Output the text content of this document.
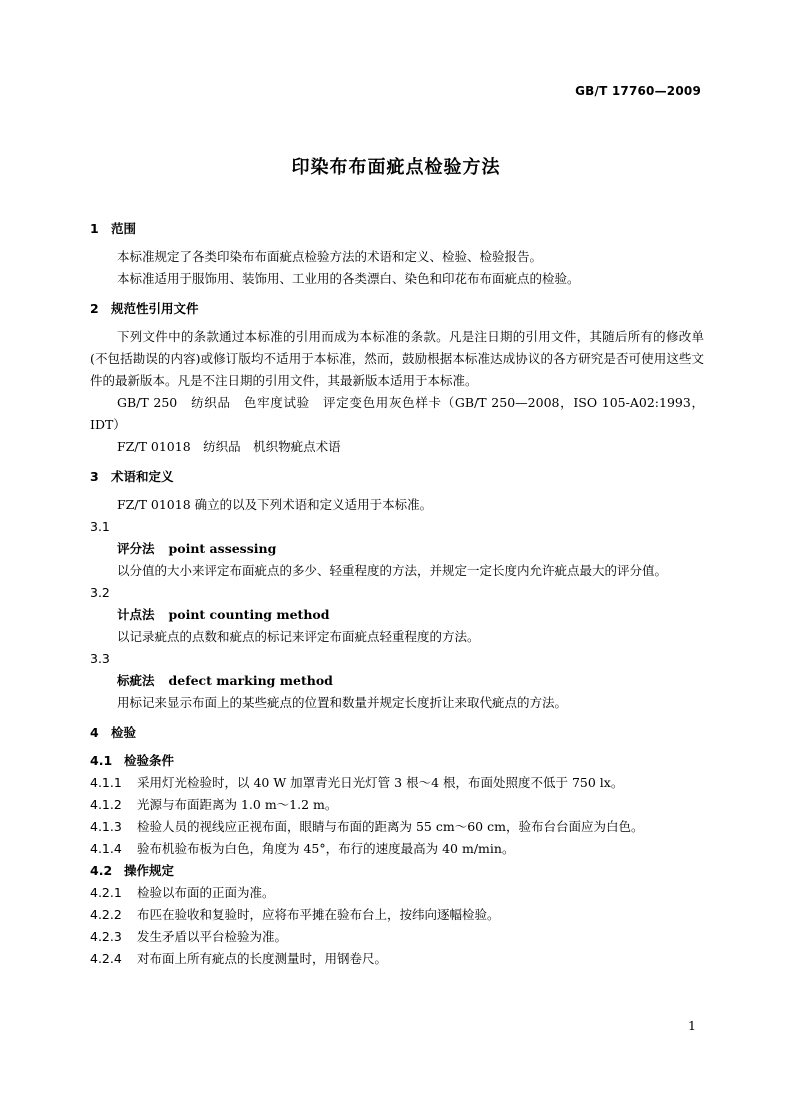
GB/T 17760—2009
印染布布面疵点检验方法
1 范围

本标准规定了各类印染布布面疵点检验方法的术语和定义、检验、检验报告。

本标准适用于服饰用、装饰用、工业用的各类漂白、染色和印花布布面疵点的检验。

2 规范性引用文件

下列文件中的条款通过本标准的引用而成为本标准的条款。凡是注日期的引用文件，其随后所有的修改单(不包括勘误的内容)或修订版均不适用于本标准，然而，鼓励根据本标准达成协议的各方研究是否可使用这些文件的最新版本。凡是不注日期的引用文件，其最新版本适用于本标准。

GB/T 250　纺织品　色牢度试验　评定变色用灰色样卡（GB/T 250—2008，ISO 105-A02:1993，IDT）

FZ/T 01018　纺织品　机织物疵点术语

3 术语和定义

FZ/T 01018 确立的以及下列术语和定义适用于本标准。

3.1
评分法 point assessing

以分值的大小来评定布面疵点的多少、轻重程度的方法，并规定一定长度内允许疵点最大的评分值。

3.2
计点法 point counting method

以记录疵点的点数和疵点的标记来评定布面疵点轻重程度的方法。

3.3
标疵法 defect marking method

用标记来显示布面上的某些疵点的位置和数量并规定长度折让来取代疵点的方法。

4 检验
4.1 检验条件

4.1.1 采用灯光检验时，以 40 W 加罩青光日光灯管 3 根～4 根，布面处照度不低于 750 lx。

4.1.2 光源与布面距离为 1.0 m～1.2 m。

4.1.3 检验人员的视线应正视布面，眼睛与布面的距离为 55 cm～60 cm，验布台台面应为白色。

4.1.4 验布机验布板为白色，角度为 45°，布行的速度最高为 40 m/min。

4.2 操作规定

4.2.1 检验以布面的正面为准。

4.2.2 布匹在验收和复验时，应将布平摊在验布台上，按纬向逐幅检验。

4.2.3 发生矛盾以平台检验为准。

4.2.4 对布面上所有疵点的长度测量时，用钢卷尺。

1
